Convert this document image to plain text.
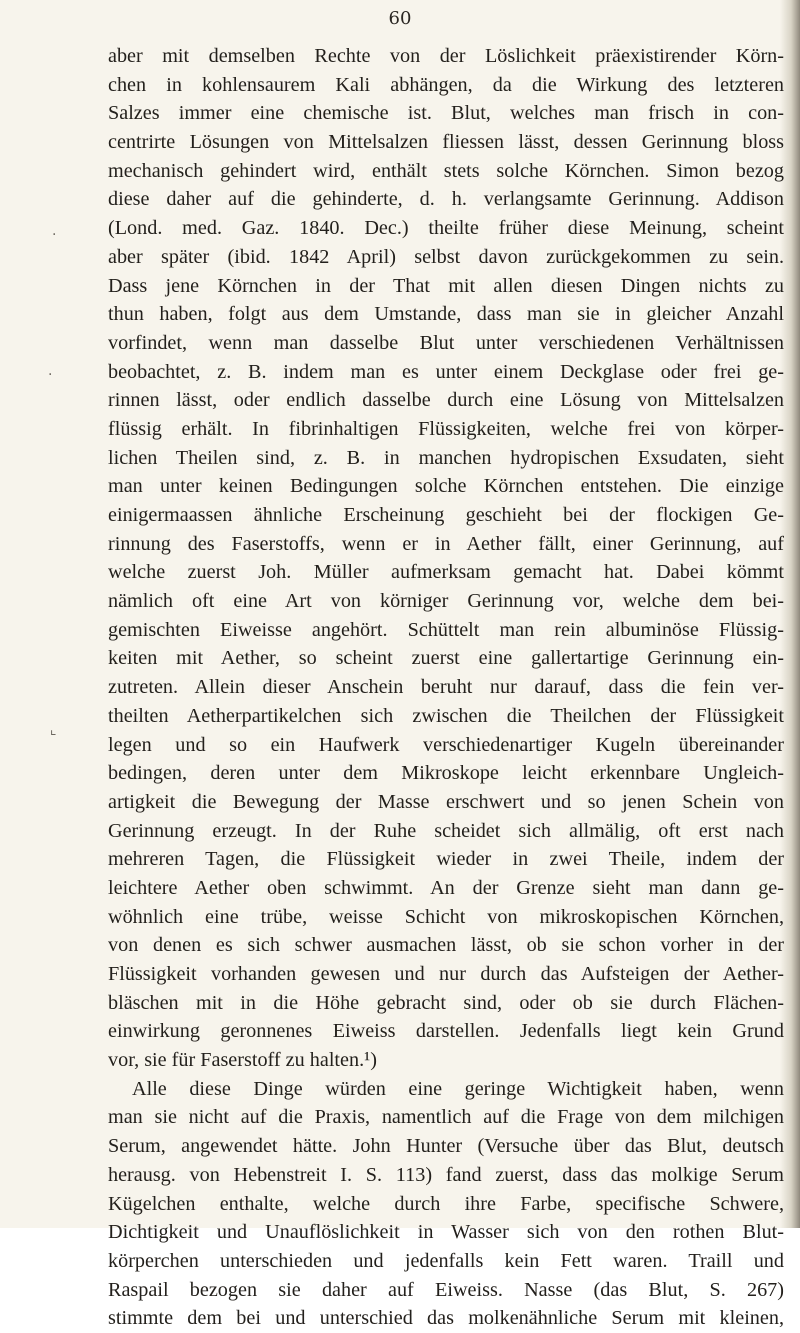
60
·
·
⌞
aber mit demselben Rechte von der Löslichkeit präexistirender Körn-
chen in kohlensaurem Kali abhängen, da die Wirkung des letzteren
Salzes immer eine chemische ist. Blut, welches man frisch in con-
centrirte Lösungen von Mittelsalzen fliessen lässt, dessen Gerinnung bloss
mechanisch gehindert wird, enthält stets solche Körnchen. Simon bezog
diese daher auf die gehinderte, d. h. verlangsamte Gerinnung. Addison
(Lond. med. Gaz. 1840. Dec.) theilte früher diese Meinung, scheint
aber später (ibid. 1842 April) selbst davon zurückgekommen zu sein.
Dass jene Körnchen in der That mit allen diesen Dingen nichts zu
thun haben, folgt aus dem Umstande, dass man sie in gleicher Anzahl
vorfindet, wenn man dasselbe Blut unter verschiedenen Verhältnissen
beobachtet, z. B. indem man es unter einem Deckglase oder frei ge-
rinnen lässt, oder endlich dasselbe durch eine Lösung von Mittelsalzen
flüssig erhält. In fibrinhaltigen Flüssigkeiten, welche frei von körper-
lichen Theilen sind, z. B. in manchen hydropischen Exsudaten, sieht
man unter keinen Bedingungen solche Körnchen entstehen. Die einzige
einigermaassen ähnliche Erscheinung geschieht bei der flockigen Ge-
rinnung des Faserstoffs, wenn er in Aether fällt, einer Gerinnung, auf
welche zuerst Joh. Müller aufmerksam gemacht hat. Dabei kömmt
nämlich oft eine Art von körniger Gerinnung vor, welche dem bei-
gemischten Eiweisse angehört. Schüttelt man rein albuminöse Flüssig-
keiten mit Aether, so scheint zuerst eine gallertartige Gerinnung ein-
zutreten. Allein dieser Anschein beruht nur darauf, dass die fein ver-
theilten Aetherpartikelchen sich zwischen die Theilchen der Flüssigkeit
legen und so ein Haufwerk verschiedenartiger Kugeln übereinander
bedingen, deren unter dem Mikroskope leicht erkennbare Ungleich-
artigkeit die Bewegung der Masse erschwert und so jenen Schein von
Gerinnung erzeugt. In der Ruhe scheidet sich allmälig, oft erst nach
mehreren Tagen, die Flüssigkeit wieder in zwei Theile, indem der
leichtere Aether oben schwimmt. An der Grenze sieht man dann ge-
wöhnlich eine trübe, weisse Schicht von mikroskopischen Körnchen,
von denen es sich schwer ausmachen lässt, ob sie schon vorher in der
Flüssigkeit vorhanden gewesen und nur durch das Aufsteigen der Aether-
bläschen mit in die Höhe gebracht sind, oder ob sie durch Flächen-
einwirkung geronnenes Eiweiss darstellen. Jedenfalls liegt kein Grund
vor, sie für Faserstoff zu halten.¹)
Alle diese Dinge würden eine geringe Wichtigkeit haben, wenn
man sie nicht auf die Praxis, namentlich auf die Frage von dem milchigen
Serum, angewendet hätte. John Hunter (Versuche über das Blut, deutsch
herausg. von Hebenstreit I. S. 113) fand zuerst, dass das molkige Serum
Kügelchen enthalte, welche durch ihre Farbe, specifische Schwere,
Dichtigkeit und Unauflöslichkeit in Wasser sich von den rothen Blut-
körperchen unterschieden und jedenfalls kein Fett waren. Traill und
Raspail bezogen sie daher auf Eiweiss. Nasse (das Blut, S. 267)
stimmte dem bei und unterschied das molkenähnliche Serum mit kleinen,
